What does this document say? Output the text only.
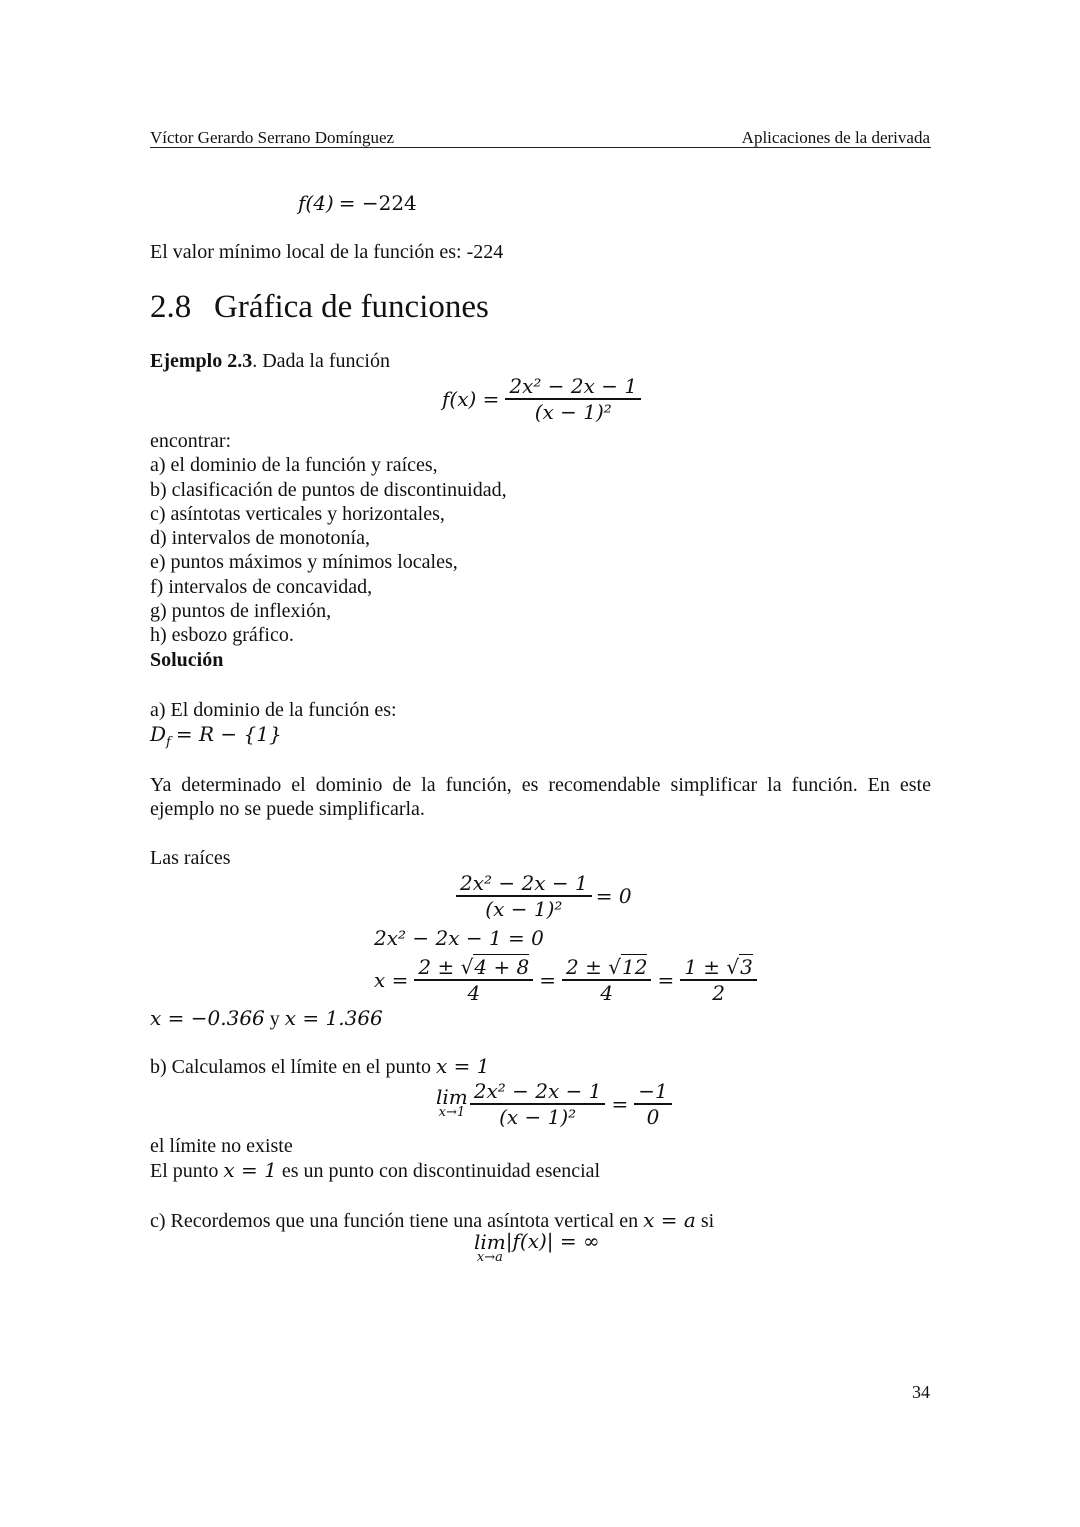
Víctor Gerardo Serrano Domínguez	Aplicaciones de la derivada
f(4) = −224
El valor mínimo local de la función es: -224
2.8 Gráfica de funciones
Ejemplo 2.3. Dada la función
$f(x) = \frac{\text{2x² − 2x − 1}}{\text{(x − 1)²}}$
encontrar:
a) el dominio de la función y raíces,
b) clasificación de puntos de discontinuidad,
c) asíntotas verticales y horizontales,
d) intervalos de monotonía,
e) puntos máximos y mínimos locales,
f) intervalos de concavidad,
g) puntos de inflexión,
h) esbozo gráfico.
Solución
a) El dominio de la función es:
$D_f = R - \{1\}$
Ya determinado el dominio de la función, es recomendable simplificar la función. En este
ejemplo no se puede simplificarla.
Las raíces
$\frac{\text{2x² − 2x − 1}}{\text{(x − 1)²}} = 0$
2x² − 2x − 1 = 0
$x = \frac{2 \pm √4 + 8}{4} = \frac{2 \pm √12}{4} = \frac{1 \pm √3}{2}$
x = −0.366 y x = 1.366
b) Calculamos el límite en el punto x = 1
lim
$x\to 1 \frac{\text{2x² − 2x − 1}}{\text{(x − 1)²}} = \frac{-1}{0}$
el límite no existe
El punto x = 1 es un punto con discontinuidad esencial
c) Recordemos que una función tiene una asíntota vertical en x = a si
lim
x→a
|f(x)| = ∞
34
